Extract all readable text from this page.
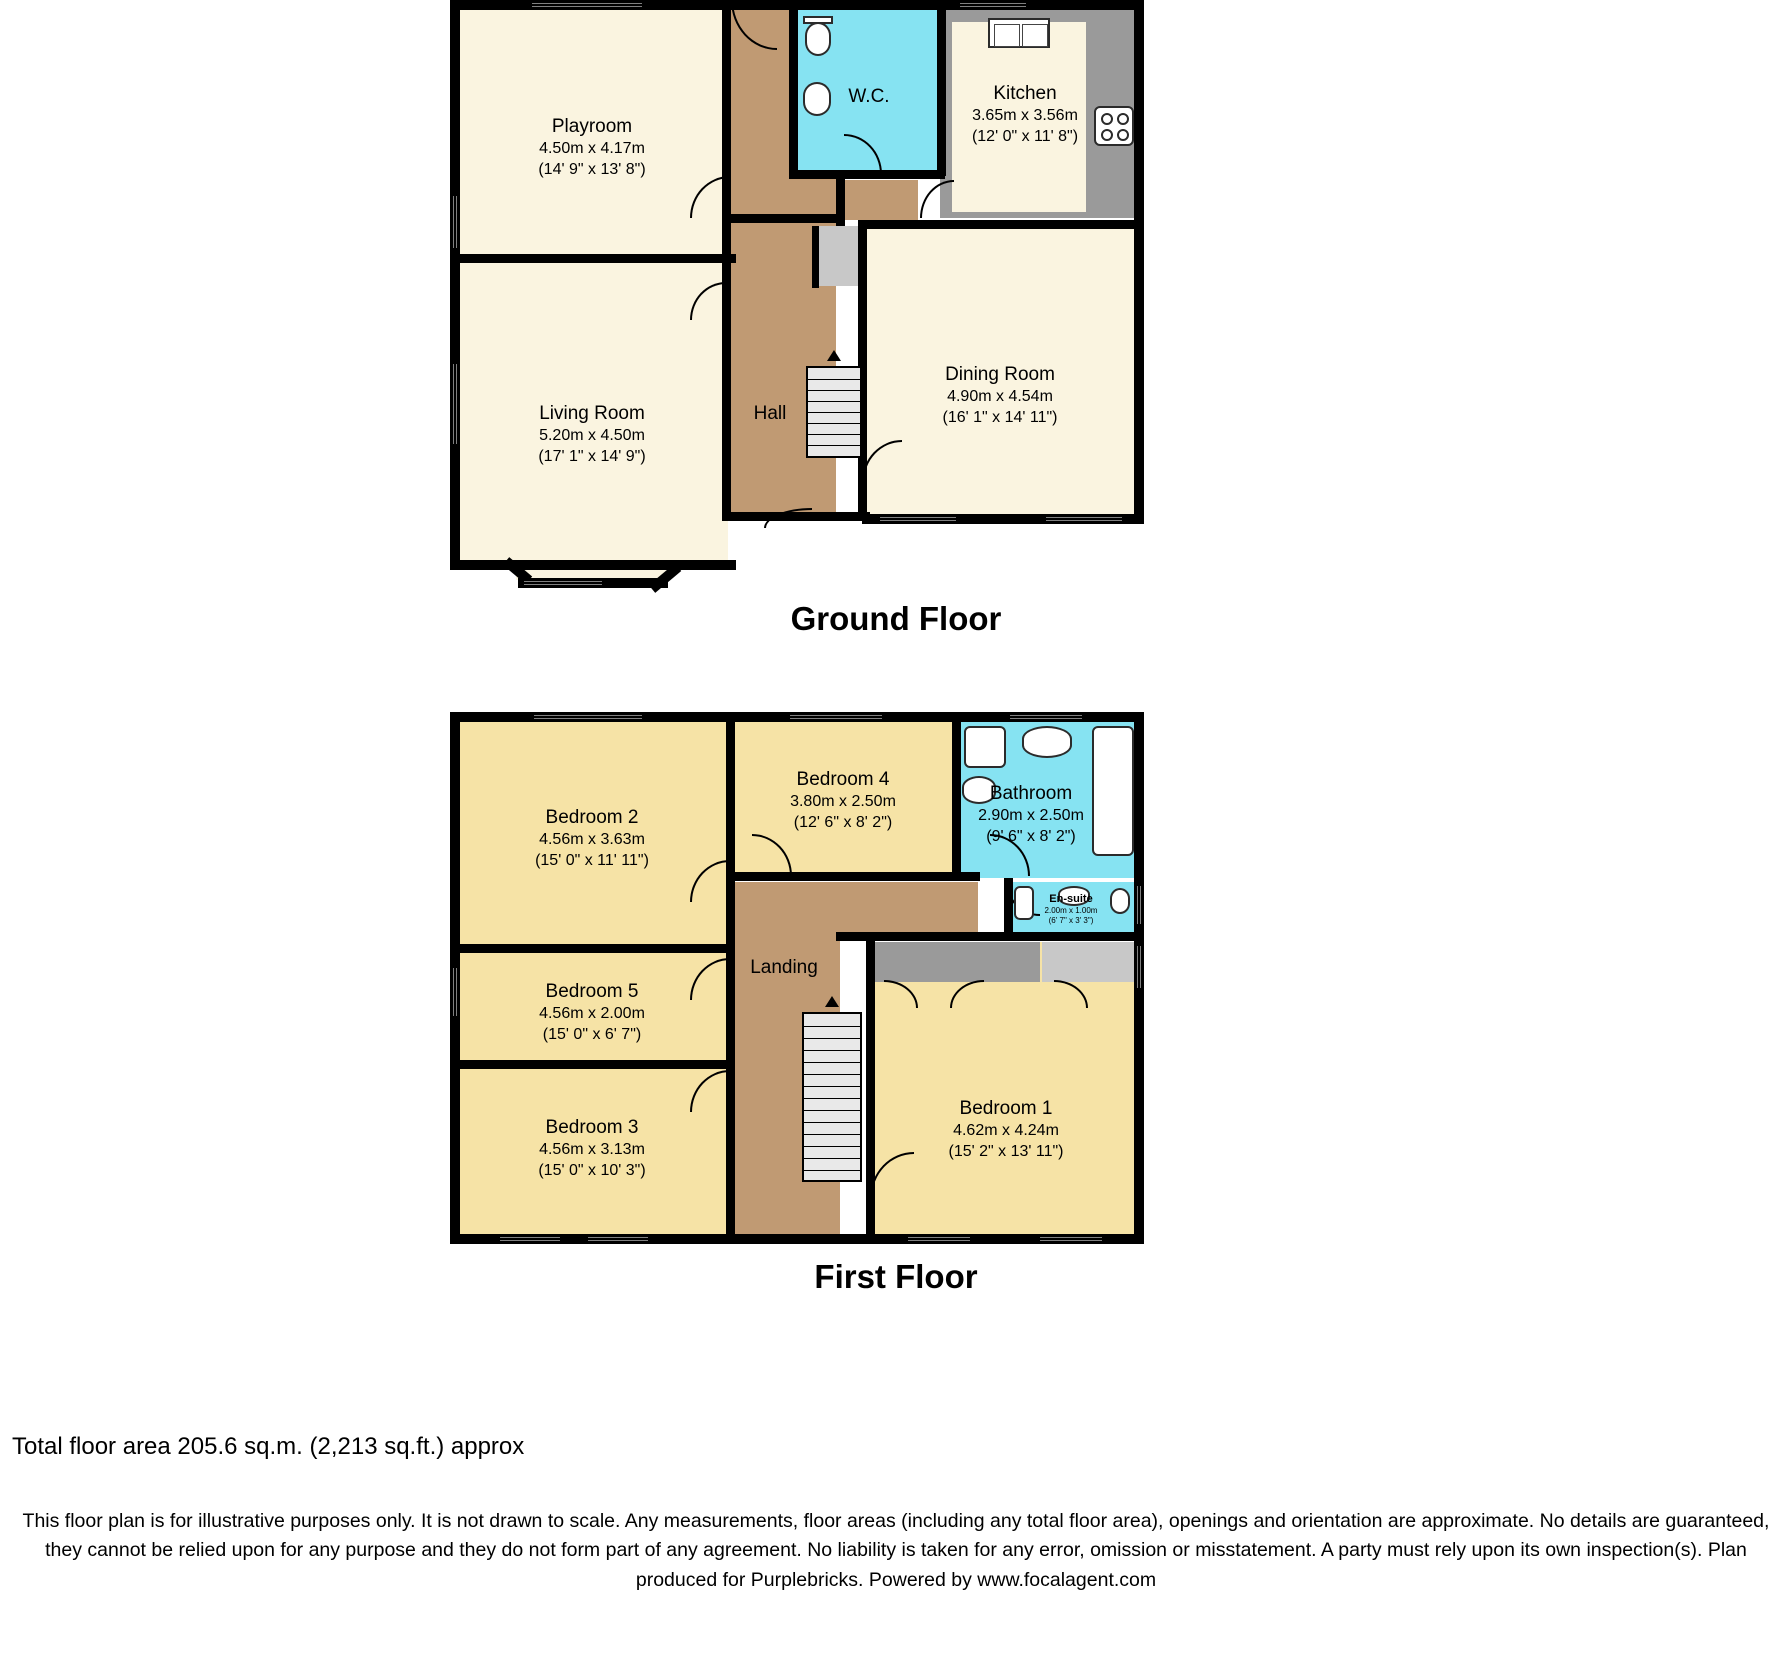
Playroom
4.50m x 4.17m
(14' 9" x 13' 8")
W.C.	Kitchen
3.65m x 3.56m
(12' 0" x 11' 8")
Living Room
5.20m x 4.50m
(17' 1" x 14' 9")
Hall
Dining Room
4.90m x 4.54m
(16' 1" x 14' 11")
Ground Floor
Bedroom 2
4.56m x 3.63m
(15' 0" x 11' 11")
Bedroom 4
3.80m x 2.50m
(12' 6" x 8' 2")
Bathroom
2.90m x 2.50m
(9' 6" x 8' 2")
Bedroom 5
4.56m x 2.00m
(15' 0" x 6' 7")
Landing
En-suite
2.00m x 1.00m
(6' 7" x 3' 3")
Bedroom 3
4.56m x 3.13m
(15' 0" x 10' 3")
Bedroom 1
4.62m x 4.24m
(15' 2" x 13' 11")
First Floor
Total floor area 205.6 sq.m. (2,213 sq.ft.) approx
This floor plan is for illustrative purposes only. It is not drawn to scale. Any measurements, floor areas (including any total floor area), openings and orientation are approximate. No details are guaranteed, they cannot be relied upon for any purpose and they do not form part of any agreement. No liability is taken for any error, omission or misstatement. A party must rely upon its own inspection(s). Plan produced for Purplebricks. Powered by www.focalagent.com
